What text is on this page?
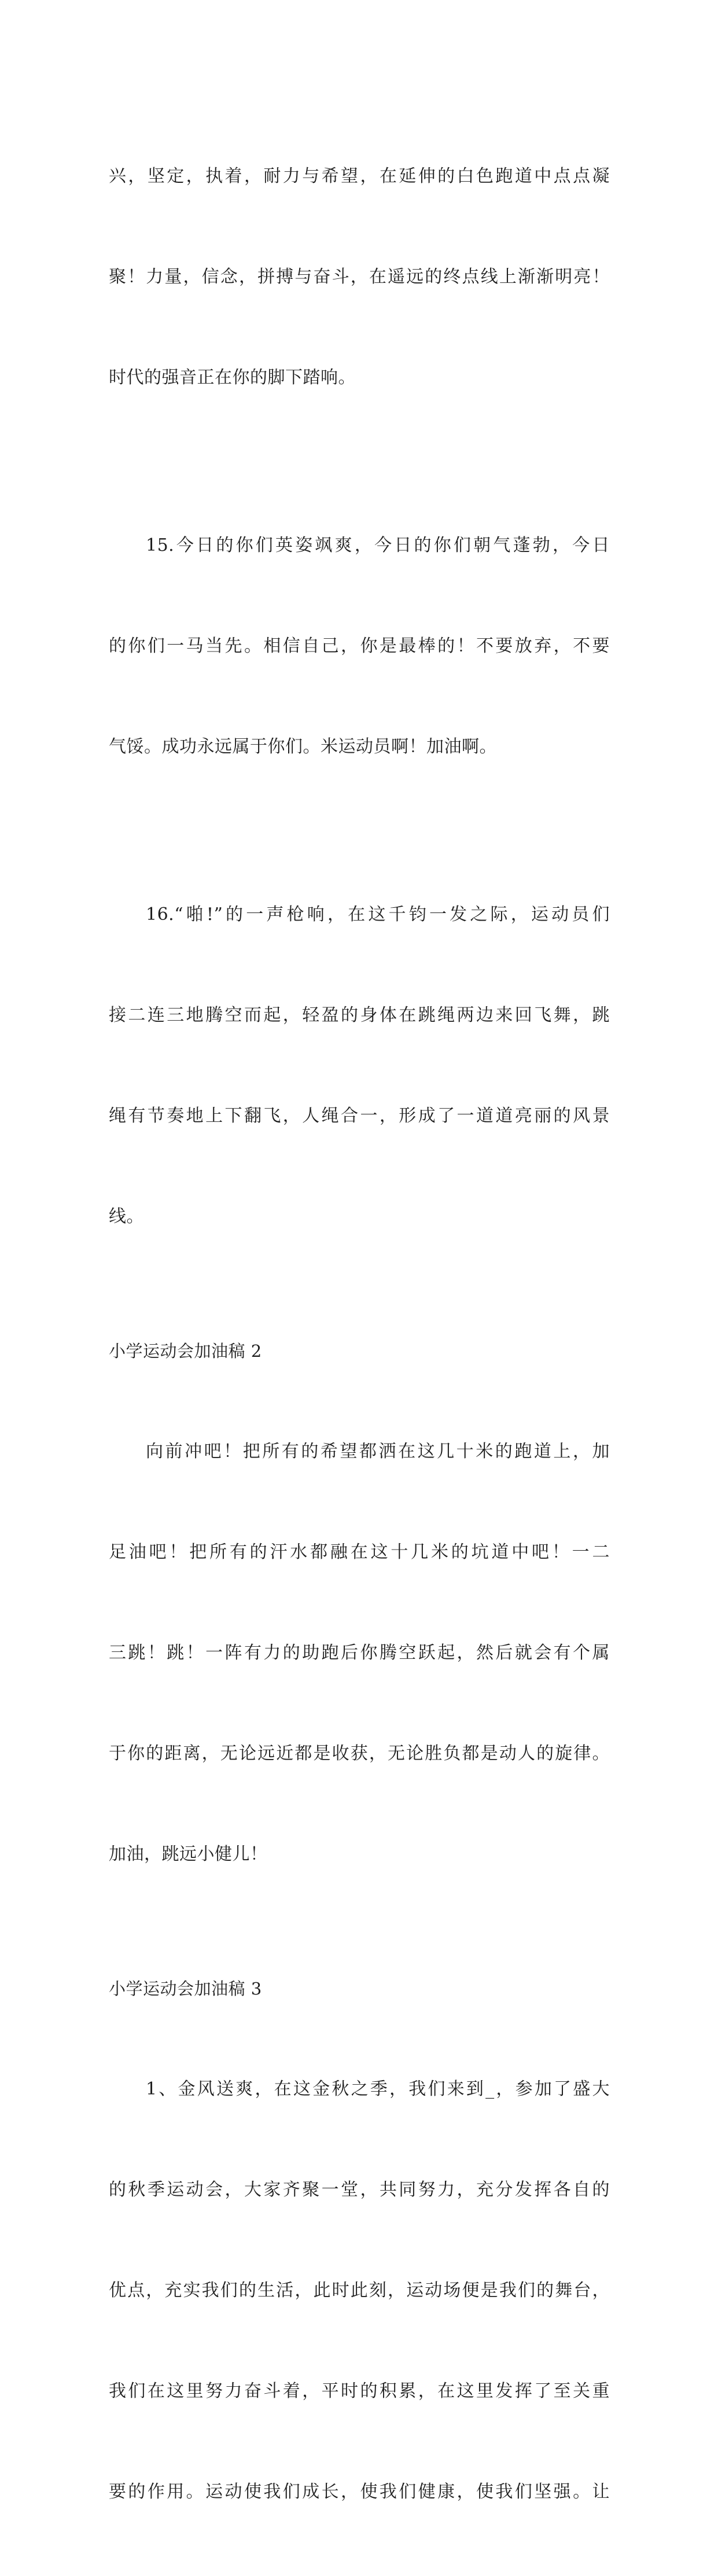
兴，坚定，执着，耐力与希望，在延伸的白色跑道中点点凝

聚！力量，信念，拼搏与奋斗，在遥远的终点线上渐渐明亮！

时代的强音正在你的脚下踏响。

15.今日的你们英姿飒爽，今日的你们朝气蓬勃，今日

的你们一马当先。相信自己，你是最棒的！不要放弃，不要

气馁。成功永远属于你们。米运动员啊！加油啊。

16.“啪!”的一声枪响，在这千钧一发之际，运动员们

接二连三地腾空而起，轻盈的身体在跳绳两边来回飞舞，跳

绳有节奏地上下翻飞，人绳合一，形成了一道道亮丽的风景

线。

小学运动会加油稿 2

向前冲吧！把所有的希望都洒在这几十米的跑道上，加

足油吧！把所有的汗水都融在这十几米的坑道中吧！一二

三跳！跳！一阵有力的助跑后你腾空跃起，然后就会有个属

于你的距离，无论远近都是收获，无论胜负都是动人的旋律。

加油，跳远小健儿！

小学运动会加油稿 3

1、金风送爽，在这金秋之季，我们来到_，参加了盛大

的秋季运动会，大家齐聚一堂，共同努力，充分发挥各自的

优点，充实我们的生活，此时此刻，运动场便是我们的舞台，

我们在这里努力奋斗着，平时的积累，在这里发挥了至关重

要的作用。运动使我们成长，使我们健康，使我们坚强。让
